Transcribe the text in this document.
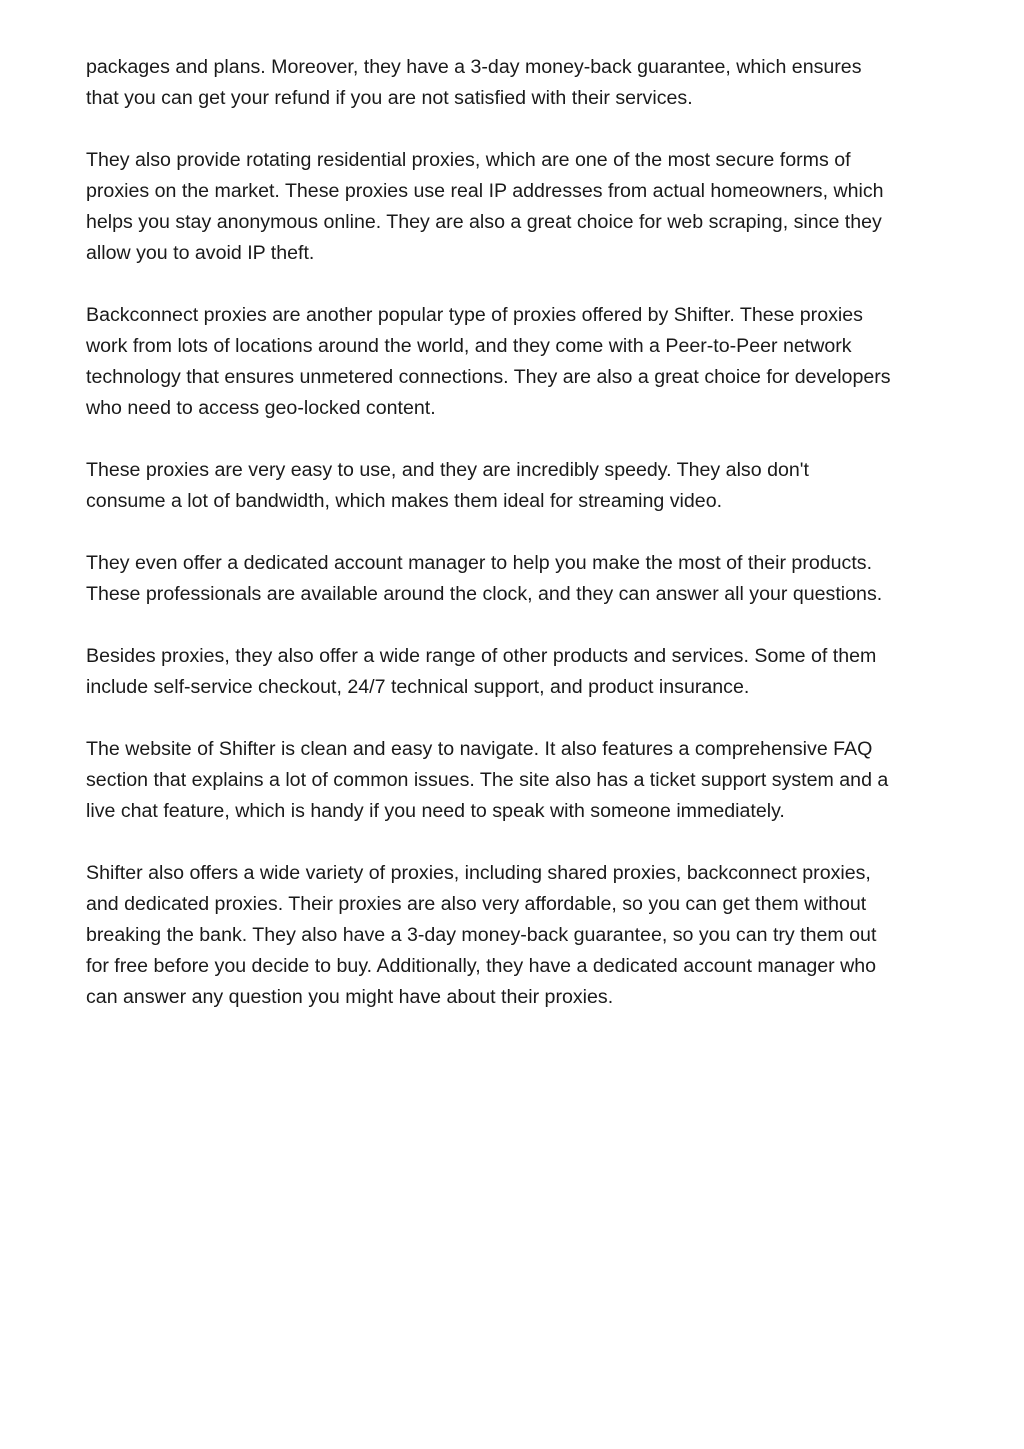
packages and plans. Moreover, they have a 3-day money-back guarantee, which ensures
that you can get your refund if you are not satisfied with their services.

They also provide rotating residential proxies, which are one of the most secure forms of
proxies on the market. These proxies use real IP addresses from actual homeowners, which
helps you stay anonymous online. They are also a great choice for web scraping, since they
allow you to avoid IP theft.

Backconnect proxies are another popular type of proxies offered by Shifter. These proxies
work from lots of locations around the world, and they come with a Peer-to-Peer network
technology that ensures unmetered connections. They are also a great choice for developers
who need to access geo-locked content.

These proxies are very easy to use, and they are incredibly speedy. They also don't
consume a lot of bandwidth, which makes them ideal for streaming video.

They even offer a dedicated account manager to help you make the most of their products.
These professionals are available around the clock, and they can answer all your questions.

Besides proxies, they also offer a wide range of other products and services. Some of them
include self-service checkout, 24/7 technical support, and product insurance.

The website of Shifter is clean and easy to navigate. It also features a comprehensive FAQ
section that explains a lot of common issues. The site also has a ticket support system and a
live chat feature, which is handy if you need to speak with someone immediately.

Shifter also offers a wide variety of proxies, including shared proxies, backconnect proxies,
and dedicated proxies. Their proxies are also very affordable, so you can get them without
breaking the bank. They also have a 3-day money-back guarantee, so you can try them out
for free before you decide to buy. Additionally, they have a dedicated account manager who
can answer any question you might have about their proxies.
